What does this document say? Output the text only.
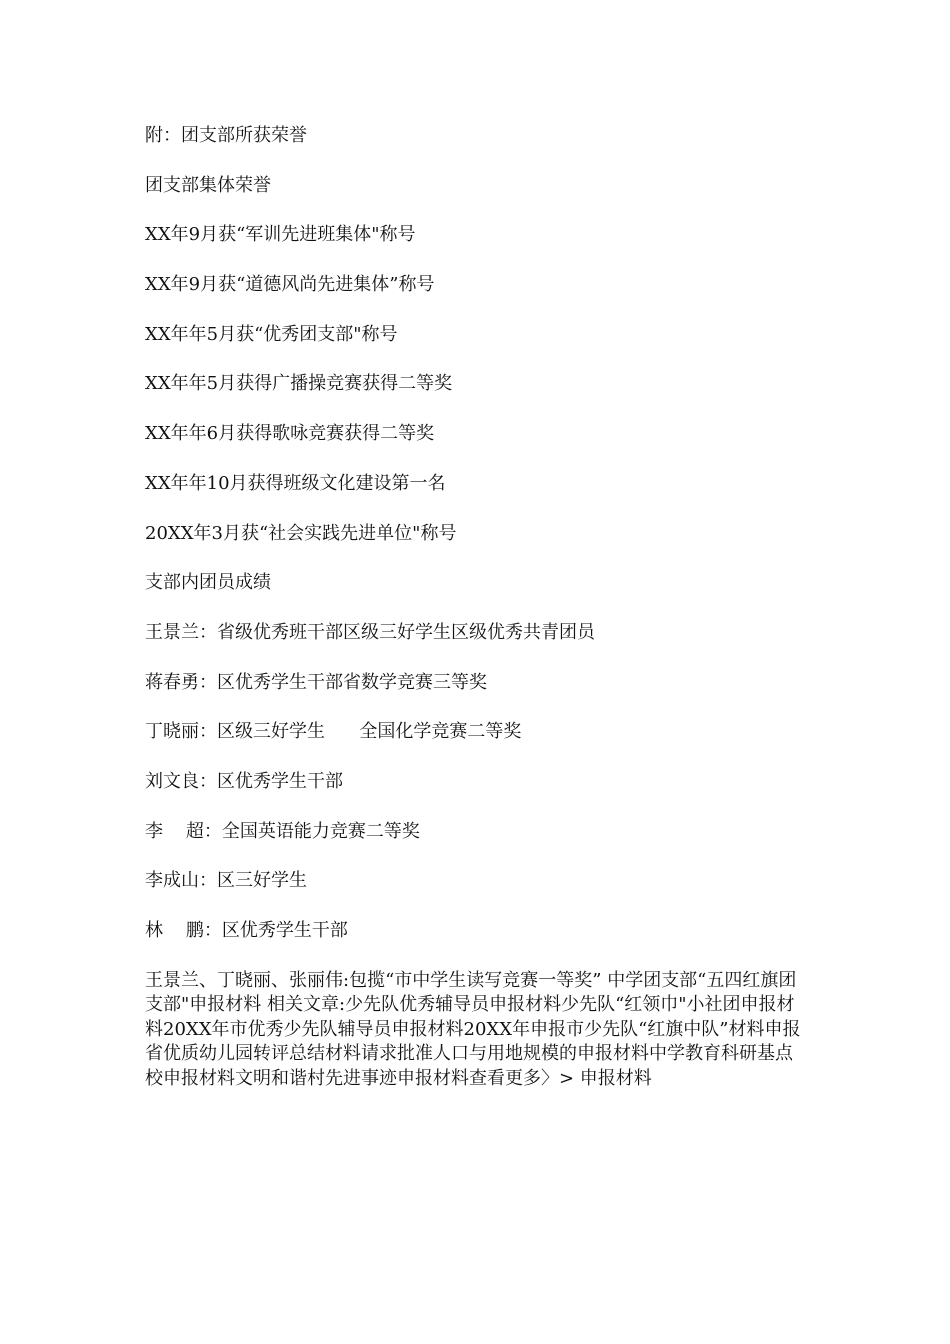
附：团支部所获荣誉
团支部集体荣誉
XX年9月获“军训先进班集体"称号
XX年9月获“道德风尚先进集体”称号
XX年年5月获“优秀团支部"称号
XX年年5月获得广播操竞赛获得二等奖
XX年年6月获得歌咏竞赛获得二等奖
XX年年10月获得班级文化建设第一名
20XX年3月获“社会实践先进单位"称号
支部内团员成绩
王景兰：省级优秀班干部区级三好学生区级优秀共青团员
蒋春勇：区优秀学生干部省数学竞赛三等奖
丁晓丽：区级三好学生      全国化学竞赛二等奖
刘文良：区优秀学生干部
李    超：全国英语能力竞赛二等奖
李成山：区三好学生
林    鹏：区优秀学生干部

王景兰、丁晓丽、张丽伟:包揽“市中学生读写竞赛一等奖” 中学团支部“五四红旗团支部"申报材料 相关文章:少先队优秀辅导员申报材料少先队“红领巾"小社团申报材料20XX年市优秀少先队辅导员申报材料20XX年申报市少先队“红旗中队”材料申报省优质幼儿园转评总结材料请求批准人口与用地规模的申报材料中学教育科研基点校申报材料文明和谐村先进事迹申报材料查看更多〉> 申报材料
